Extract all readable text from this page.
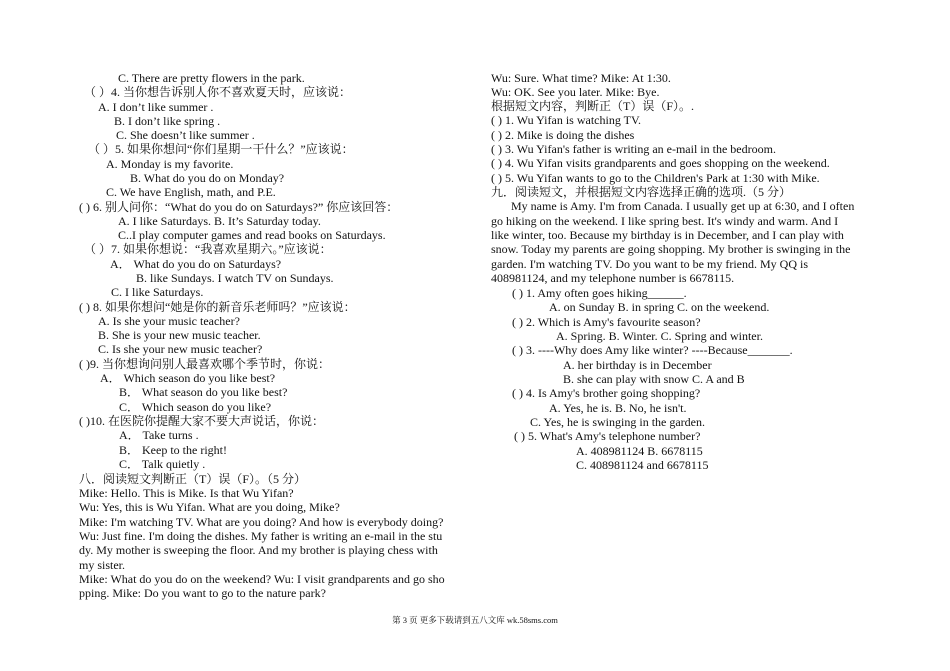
C. There are pretty flowers in the park.
（ ）4. 当你想告诉别人你不喜欢夏天时，应该说：
A. I don’t like summer .
B. I don’t like spring .
C. She doesn’t like summer .
（ ）5. 如果你想问“你们星期一干什么？”应该说：
A. Monday is my favorite.
B. What do you do on Monday?
C. We have English, math, and P.E.
( ) 6. 别人问你：“What do you do on Saturdays?” 你应该回答：
A. I like Saturdays. B. It’s Saturday today.
C..I play computer games and read books on Saturdays.
（ ）7. 如果你想说：“我喜欢星期六。”应该说：
A． What do you do on Saturdays?
B. like Sundays. I watch TV on Sundays.
C. I like Saturdays.
( ) 8. 如果你想问“她是你的新音乐老师吗？”应该说：
A. Is she your music teacher?
B. She is your new music teacher.
C. Is she your new music teacher?
( )9. 当你想询问别人最喜欢哪个季节时，你说：
A． Which season do you like best?
B． What season do you like best?
C． Which season do you like?
( )10. 在医院你提醒大家不要大声说话，你说：
A． Take turns .
B． Keep to the right!
C． Talk quietly .
八．阅读短文判断正（T）误（F）。（5 分）
Mike: Hello. This is Mike. Is that Wu Yifan?
Wu: Yes, this is Wu Yifan. What are you doing, Mike?
Mike: I'm watching TV. What are you doing? And how is everybody doing?
Wu: Just fine. I'm doing the dishes. My father is writing an e-mail in the stu
dy. My mother is sweeping the floor. And my brother is playing chess with
my sister.
Mike: What do you do on the weekend? Wu: I visit grandparents and go sho
pping. Mike: Do you want to go to the nature park?
Wu: Sure. What time? Mike: At 1:30.
Wu: OK. See you later. Mike: Bye.
根据短文内容，判断正（T）误（F）。.
( ) 1. Wu Yifan is watching TV.
( ) 2. Mike is doing the dishes
( ) 3. Wu Yifan's father is writing an e-mail in the bedroom.
( ) 4. Wu Yifan visits grandparents and goes shopping on the weekend.
( ) 5. Wu Yifan wants to go to the Children's Park at 1:30 with Mike.
九．阅读短文，并根据短文内容选择正确的选项.（5 分）
My name is Amy. I'm from Canada. I usually get up at 6:30, and I often
go hiking on the weekend. I like spring best. It's windy and warm. And I
like winter, too. Because my birthday is in December, and I can play with
snow. Today my parents are going shopping. My brother is swinging in the
garden. I'm watching TV. Do you want to be my friend. My QQ is
408981124, and my telephone number is 6678115.
( ) 1. Amy often goes hiking______.
A. on Sunday B. in spring C. on the weekend.
( ) 2. Which is Amy's favourite season?
A. Spring. B. Winter. C. Spring and winter.
( ) 3. ----Why does Amy like winter? ----Because_______.
A. her birthday is in December
B. she can play with snow C. A and B
( ) 4. Is Amy's brother going shopping?
A. Yes, he is. B. No, he isn't.
C. Yes, he is swinging in the garden.
( ) 5. What's Amy's telephone number?
A. 408981124 B. 6678115
C. 408981124 and 6678115
第 3 页 更多下载请到五八文库 wk.58sms.com
